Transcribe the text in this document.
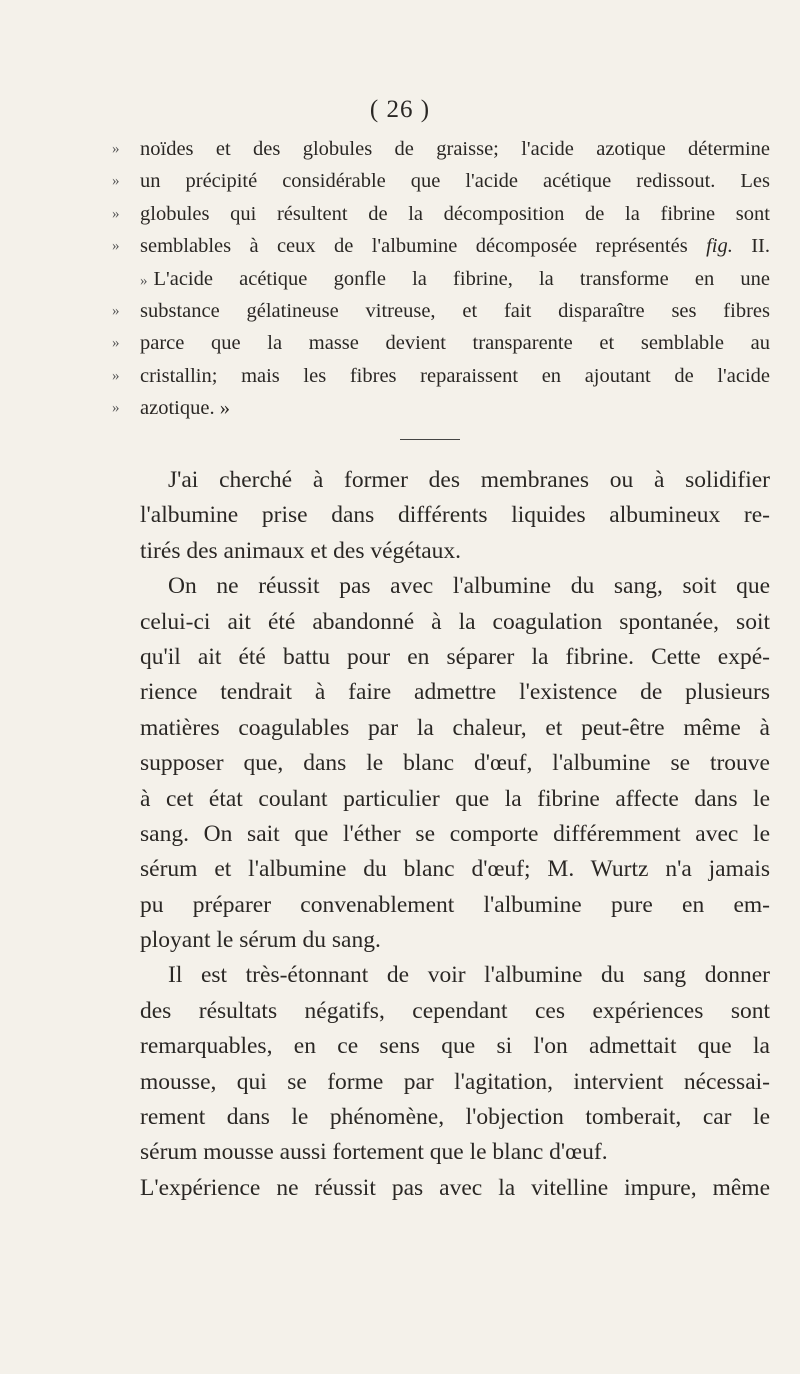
( 26 )
»	noïdes et des globules de graisse; l'acide azotique détermine
»	un précipité considérable que l'acide acétique redissout. Les
»	globules qui résultent de la décomposition de la fibrine sont
»	semblables à ceux de l'albumine décomposée représentés fig. II.
» L'acide acétique gonfle la fibrine, la transforme en une
»	substance gélatineuse vitreuse, et fait disparaître ses fibres
»	parce que la masse devient transparente et semblable au
»	cristallin; mais les fibres reparaissent en ajoutant de l'acide
»	azotique. »
J'ai cherché à former des membranes ou à solidifier
l'albumine prise dans différents liquides albumineux re-
tirés des animaux et des végétaux.
On ne réussit pas avec l'albumine du sang, soit que
celui-ci ait été abandonné à la coagulation spontanée, soit
qu'il ait été battu pour en séparer la fibrine. Cette expé-
rience tendrait à faire admettre l'existence de plusieurs
matières coagulables par la chaleur, et peut-être même à
supposer que, dans le blanc d'œuf, l'albumine se trouve
à cet état coulant particulier que la fibrine affecte dans le
sang. On sait que l'éther se comporte différemment avec le
sérum et l'albumine du blanc d'œuf; M. Wurtz n'a jamais
pu préparer convenablement l'albumine pure en em-
ployant le sérum du sang.
Il est très-étonnant de voir l'albumine du sang donner
des résultats négatifs, cependant ces expériences sont
remarquables, en ce sens que si l'on admettait que la
mousse, qui se forme par l'agitation, intervient nécessai-
rement dans le phénomène, l'objection tomberait, car le
sérum mousse aussi fortement que le blanc d'œuf.
L'expérience ne réussit pas avec la vitelline impure, même
